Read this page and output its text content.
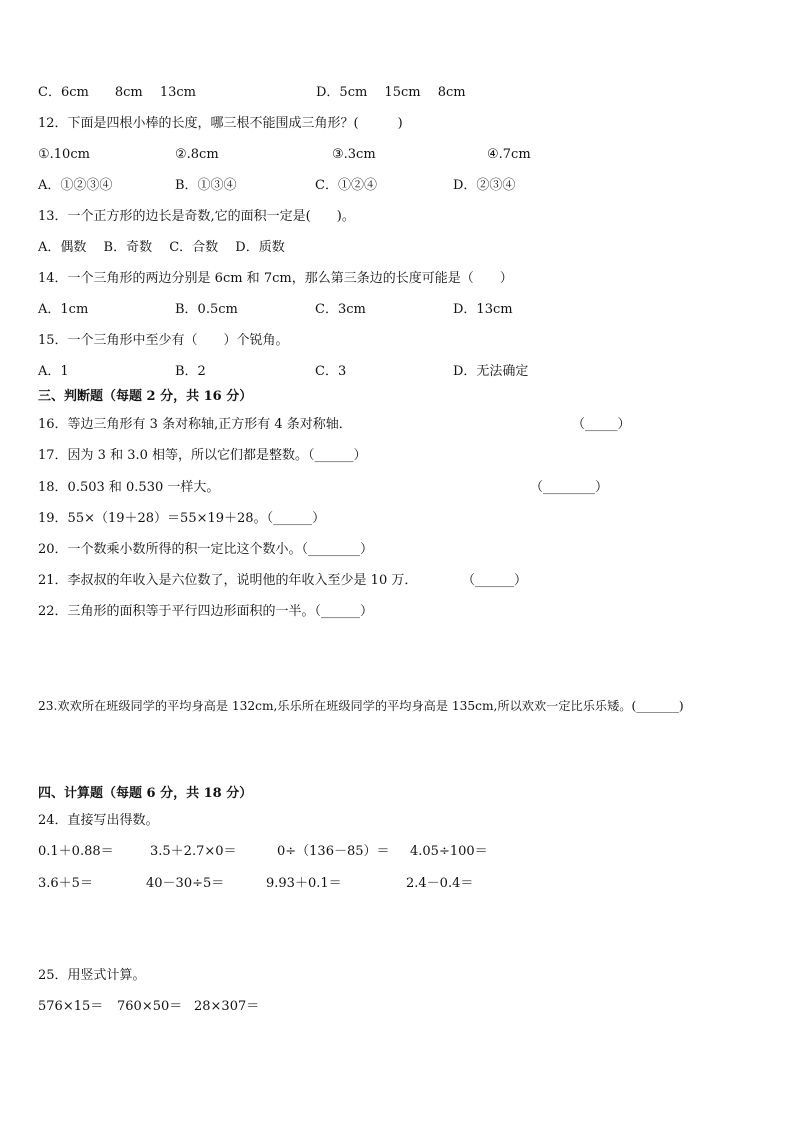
C．6cm　　8cm　 13cm	D．5cm　 15cm　 8cm
12．下面是四根小棒的长度，哪三根不能围成三角形？(　　　)
①.10cm	②.8cm	③.3cm	④.7cm
A．①②③④	B．①③④	C．①②④	D．②③④
13．一个正方形的边长是奇数,它的面积一定是(　　)。
A．偶数　 B．奇数　 C．合数　 D．质数
14．一个三角形的两边分别是 6cm 和 7cm，那么第三条边的长度可能是（　　）
A．1cm	B．0.5cm	C．3cm	D．13cm
15．一个三角形中至少有（　　）个锐角。
A．1	B．2	C．3	D．无法确定
三、判断题（每题 2 分，共 16 分）
16．等边三角形有 3 条对称轴,正方形有 4 条对称轴．	（_____）
17．因为 3 和 3.0 相等，所以它们都是整数。（______）
18．0.503 和 0.530 一样大。	（________）
19．55×（19＋28）＝55×19＋28。（______）
20．一个数乘小数所得的积一定比这个数小。（________）
21．李叔叔的年收入是六位数了，说明他的年收入至少是 10 万．	（______）
22．三角形的面积等于平行四边形面积的一半。（______）
23.欢欢所在班级同学的平均身高是 132cm,乐乐所在班级同学的平均身高是 135cm,所以欢欢一定比乐乐矮。(_______)
四、计算题（每题 6 分，共 18 分）
24．直接写出得数。
0.1＋0.88＝	3.5＋2.7×0＝	0÷（136－85）＝ 4.05÷100＝
3.6＋5＝	40－30÷5＝	9.93＋0.1＝	2.4－0.4＝
25．用竖式计算。
576×15＝ 760×50＝ 28×307＝
